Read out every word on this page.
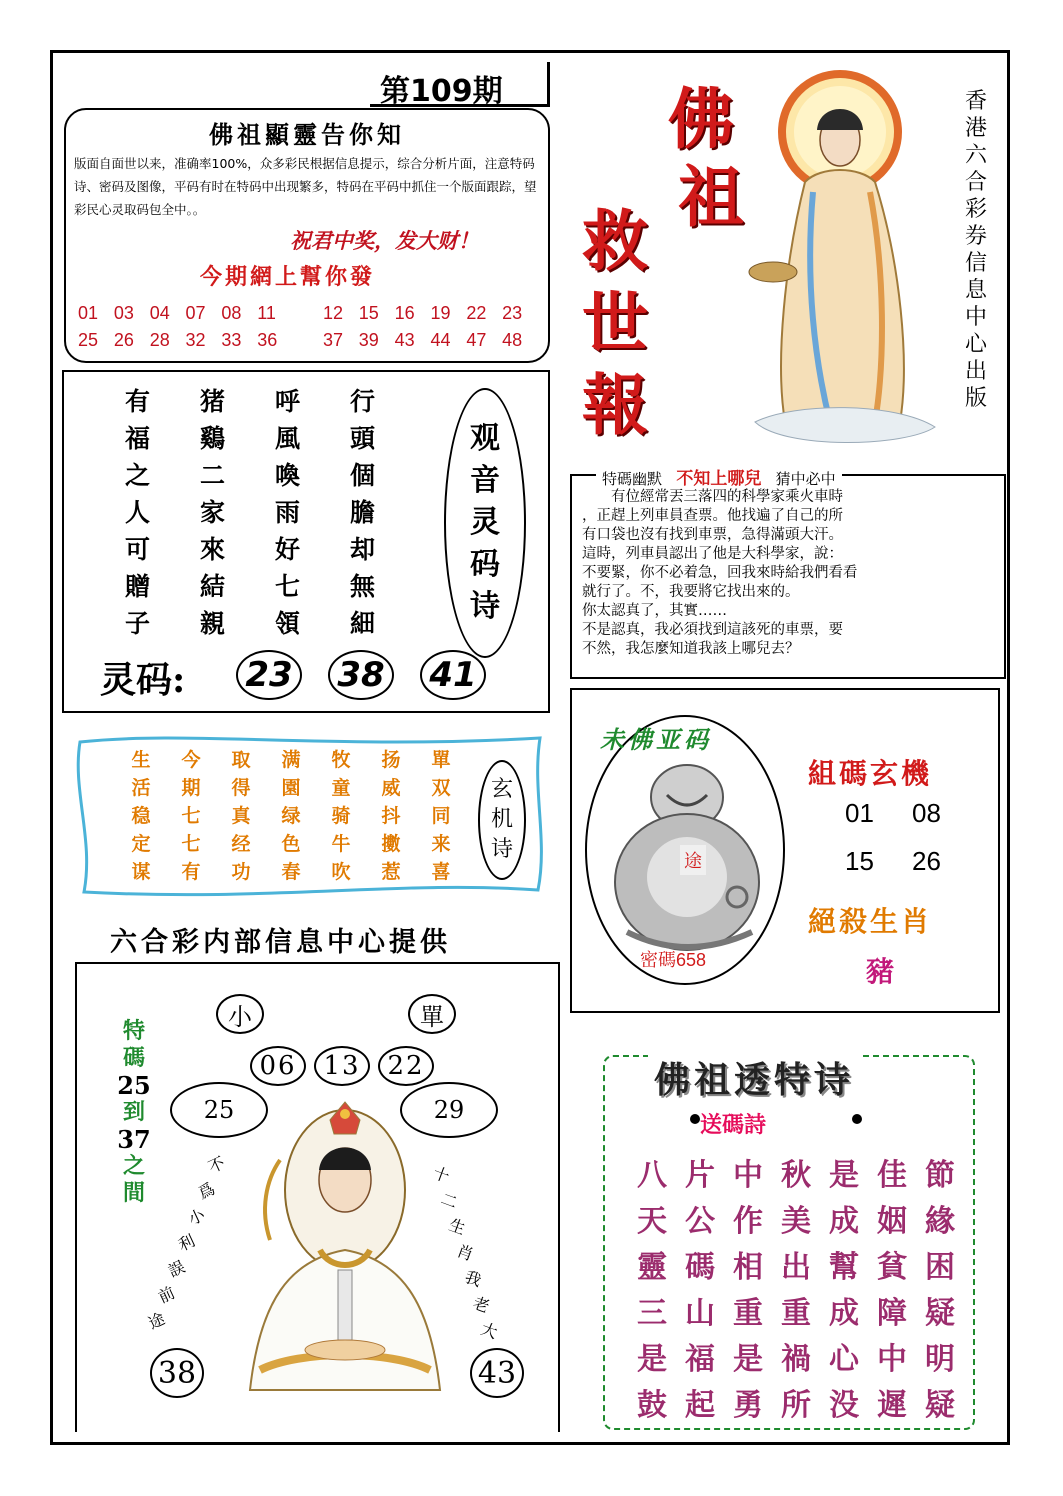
第109期
佛祖顯靈告你知
版面自面世以来，准确率100%，众多彩民根据信息提示，综合分析片面，注意特码诗、密码及图像，平码有时在特码中出现繁多，特码在平码中抓住一个版面跟踪，望彩民心灵取码包全中。。
祝君中奖，发大财！
今期網上幫你發
01 03 04 07 08 11	12 15 16 19 22 23
25 26 28 32 33 36	37 39 43 44 47 48
有	猪	呼	行
福	鷄	風	頭
之	二	喚	個
人	家	雨	膽
可	來	好	却
贈	結	七	無
子	親	領	細
观
音
灵
码
诗
灵码: 23 38 41
生	今	取	满	牧	扬	單
活	期	得	園	童	威	双
稳	七	真	绿	骑	抖	同
定	七	经	色	牛	擻	来
谋	有	功	春	吹	惹	喜
玄
机
诗
六合彩内部信息中心提供
特
碼
25
到
37
之
間
小	單
06	13	22
25	29
不
爲
小
利
誤
前
途
十
二
生
肖
我
老
大
38	43
佛
祖
救
世
報
香
港
六
合
彩
券
信
息
中
心
出
版
特碼幽默 不知上哪兒 猜中必中
　　有位經常丟三落四的科學家乘火車時
，正趕上列車員查票。他找遍了自己的所
有口袋也沒有找到車票，急得滿頭大汗。
這時，列車員認出了他是大科學家，說：
不要緊，你不必着急，回我來時給我們看看
就行了。不，我要將它找出來的。
你太認真了，其實……
不是認真，我必須找到這該死的車票，要
不然，我怎麼知道我該上哪兒去？
未佛亚码
途
密碼658
組碼玄機
01 08
15 26
絕殺生肖
豬
佛祖透特诗
送碼詩
八 片 中 秋 是 佳 節
天 公 作 美 成 姻 緣
靈 碼 相 出 幫 貧 困
三 山 重 重 成 障 疑
是 福 是 禍 心 中 明
鼓 起 勇 所 没 遲 疑
